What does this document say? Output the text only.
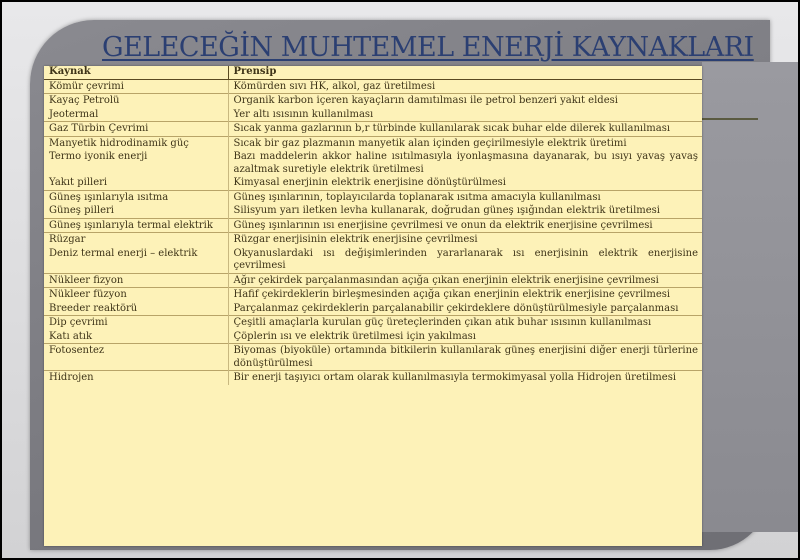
GELECEĞİN MUHTEMEL ENERJİ KAYNAKLARI
Kaynak	Prensip
Kömür çevrimi	Kömürden sıvı HK, alkol, gaz üretilmesi
Kayaç Petrolü	Organik karbon içeren kayaçların damıtılması ile petrol benzeri yakıt eldesi
Jeotermal	Yer altı ısısının kullanılması
Gaz Türbin Çevrimi	Sıcak yanma gazlarının b,r türbinde kullanılarak sıcak buhar elde dilerek kullanılması
Manyetik hidrodinamik güç	Sıcak bir gaz plazmanın manyetik alan içinden geçirilmesiyle elektrik üretimi
Termo iyonik enerji	Bazı maddelerin akkor haline ısıtılmasıyla iyonlaşmasına dayanarak, bu ısıyı yavaş yavaş azaltmak suretiyle elektrik üretilmesi
Yakıt pilleri	Kimyasal enerjinin elektrik enerjisine dönüştürülmesi
Güneş ışınlarıyla ısıtma	Güneş ışınlarının, toplayıcılarda toplanarak ısıtma amacıyla kullanılması
Güneş pilleri	Silisyum yarı iletken levha kullanarak, doğrudan güneş ışığından elektrik üretilmesi
Güneş ışınlarıyla termal elektrik	Güneş ışınlarının ısı enerjisine çevrilmesi ve onun da elektrik enerjisine çevrilmesi
Rüzgar	Rüzgar enerjisinin elektrik enerjisine çevrilmesi
Deniz termal enerji – elektrik	Okyanuslardaki ısı değişimlerinden yararlanarak ısı enerjisinin elektrik enerjisine çevrilmesi
Nükleer fizyon	Ağır çekirdek parçalanmasından açığa çıkan enerjinin elektrik enerjisine çevrilmesi
Nükleer füzyon	Hafif çekirdeklerin birleşmesinden açığa çıkan enerjinin elektrik enerjisine çevrilmesi
Breeder reaktörü	Parçalanmaz çekirdeklerin parçalanabilir çekirdeklere dönüştürülmesiyle parçalanması
Dip çevrimi	Çeşitli amaçlarla kurulan güç üreteçlerinden çıkan atık buhar ısısının kullanılması
Katı atık	Çöplerin ısı ve elektrik üretilmesi için yakılması
Fotosentez	Biyomas (biyoküle) ortamında bitkilerin kullanılarak güneş enerjisini diğer enerji türlerine dönüştürülmesi
Hidrojen	Bir enerji taşıyıcı ortam olarak kullanılmasıyla termokimyasal yolla Hidrojen üretilmesi
